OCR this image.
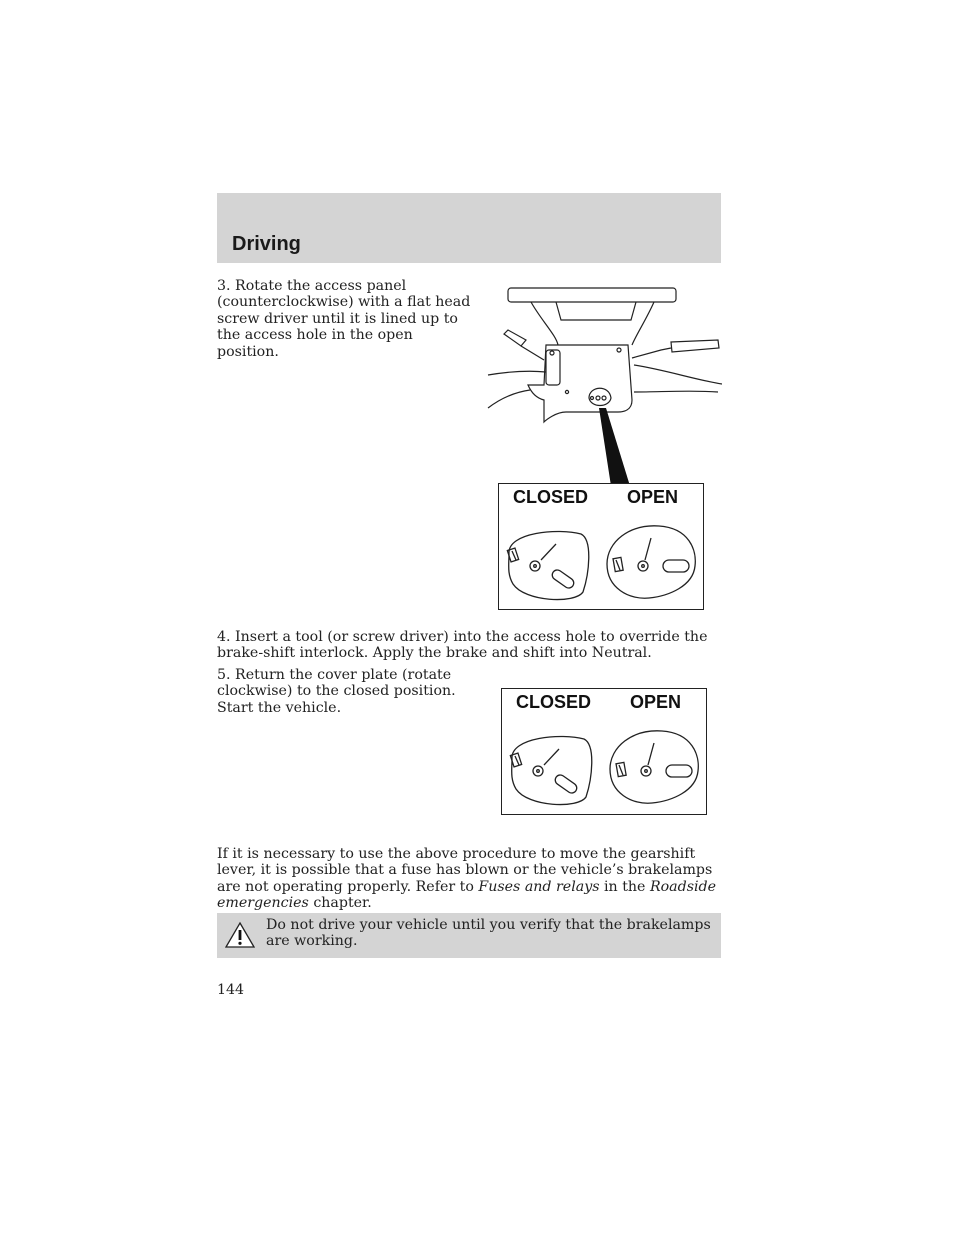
Driving

3. Rotate the access panel (counterclockwise) with a flat head screw driver until it is lined up to the access hole in the open position.

CLOSED OPEN

4. Insert a tool (or screw driver) into the access hole to override the brake-shift interlock. Apply the brake and shift into Neutral.

5. Return the cover plate (rotate clockwise) to the closed position. Start the vehicle.	CLOSED OPEN

If it is necessary to use the above procedure to move the gearshift lever, it is possible that a fuse has blown or the vehicle’s brakelamps are not operating properly. Refer to Fuses and relays in the Roadside emergencies chapter.

Do not drive your vehicle until you verify that the brakelamps are working.

144
